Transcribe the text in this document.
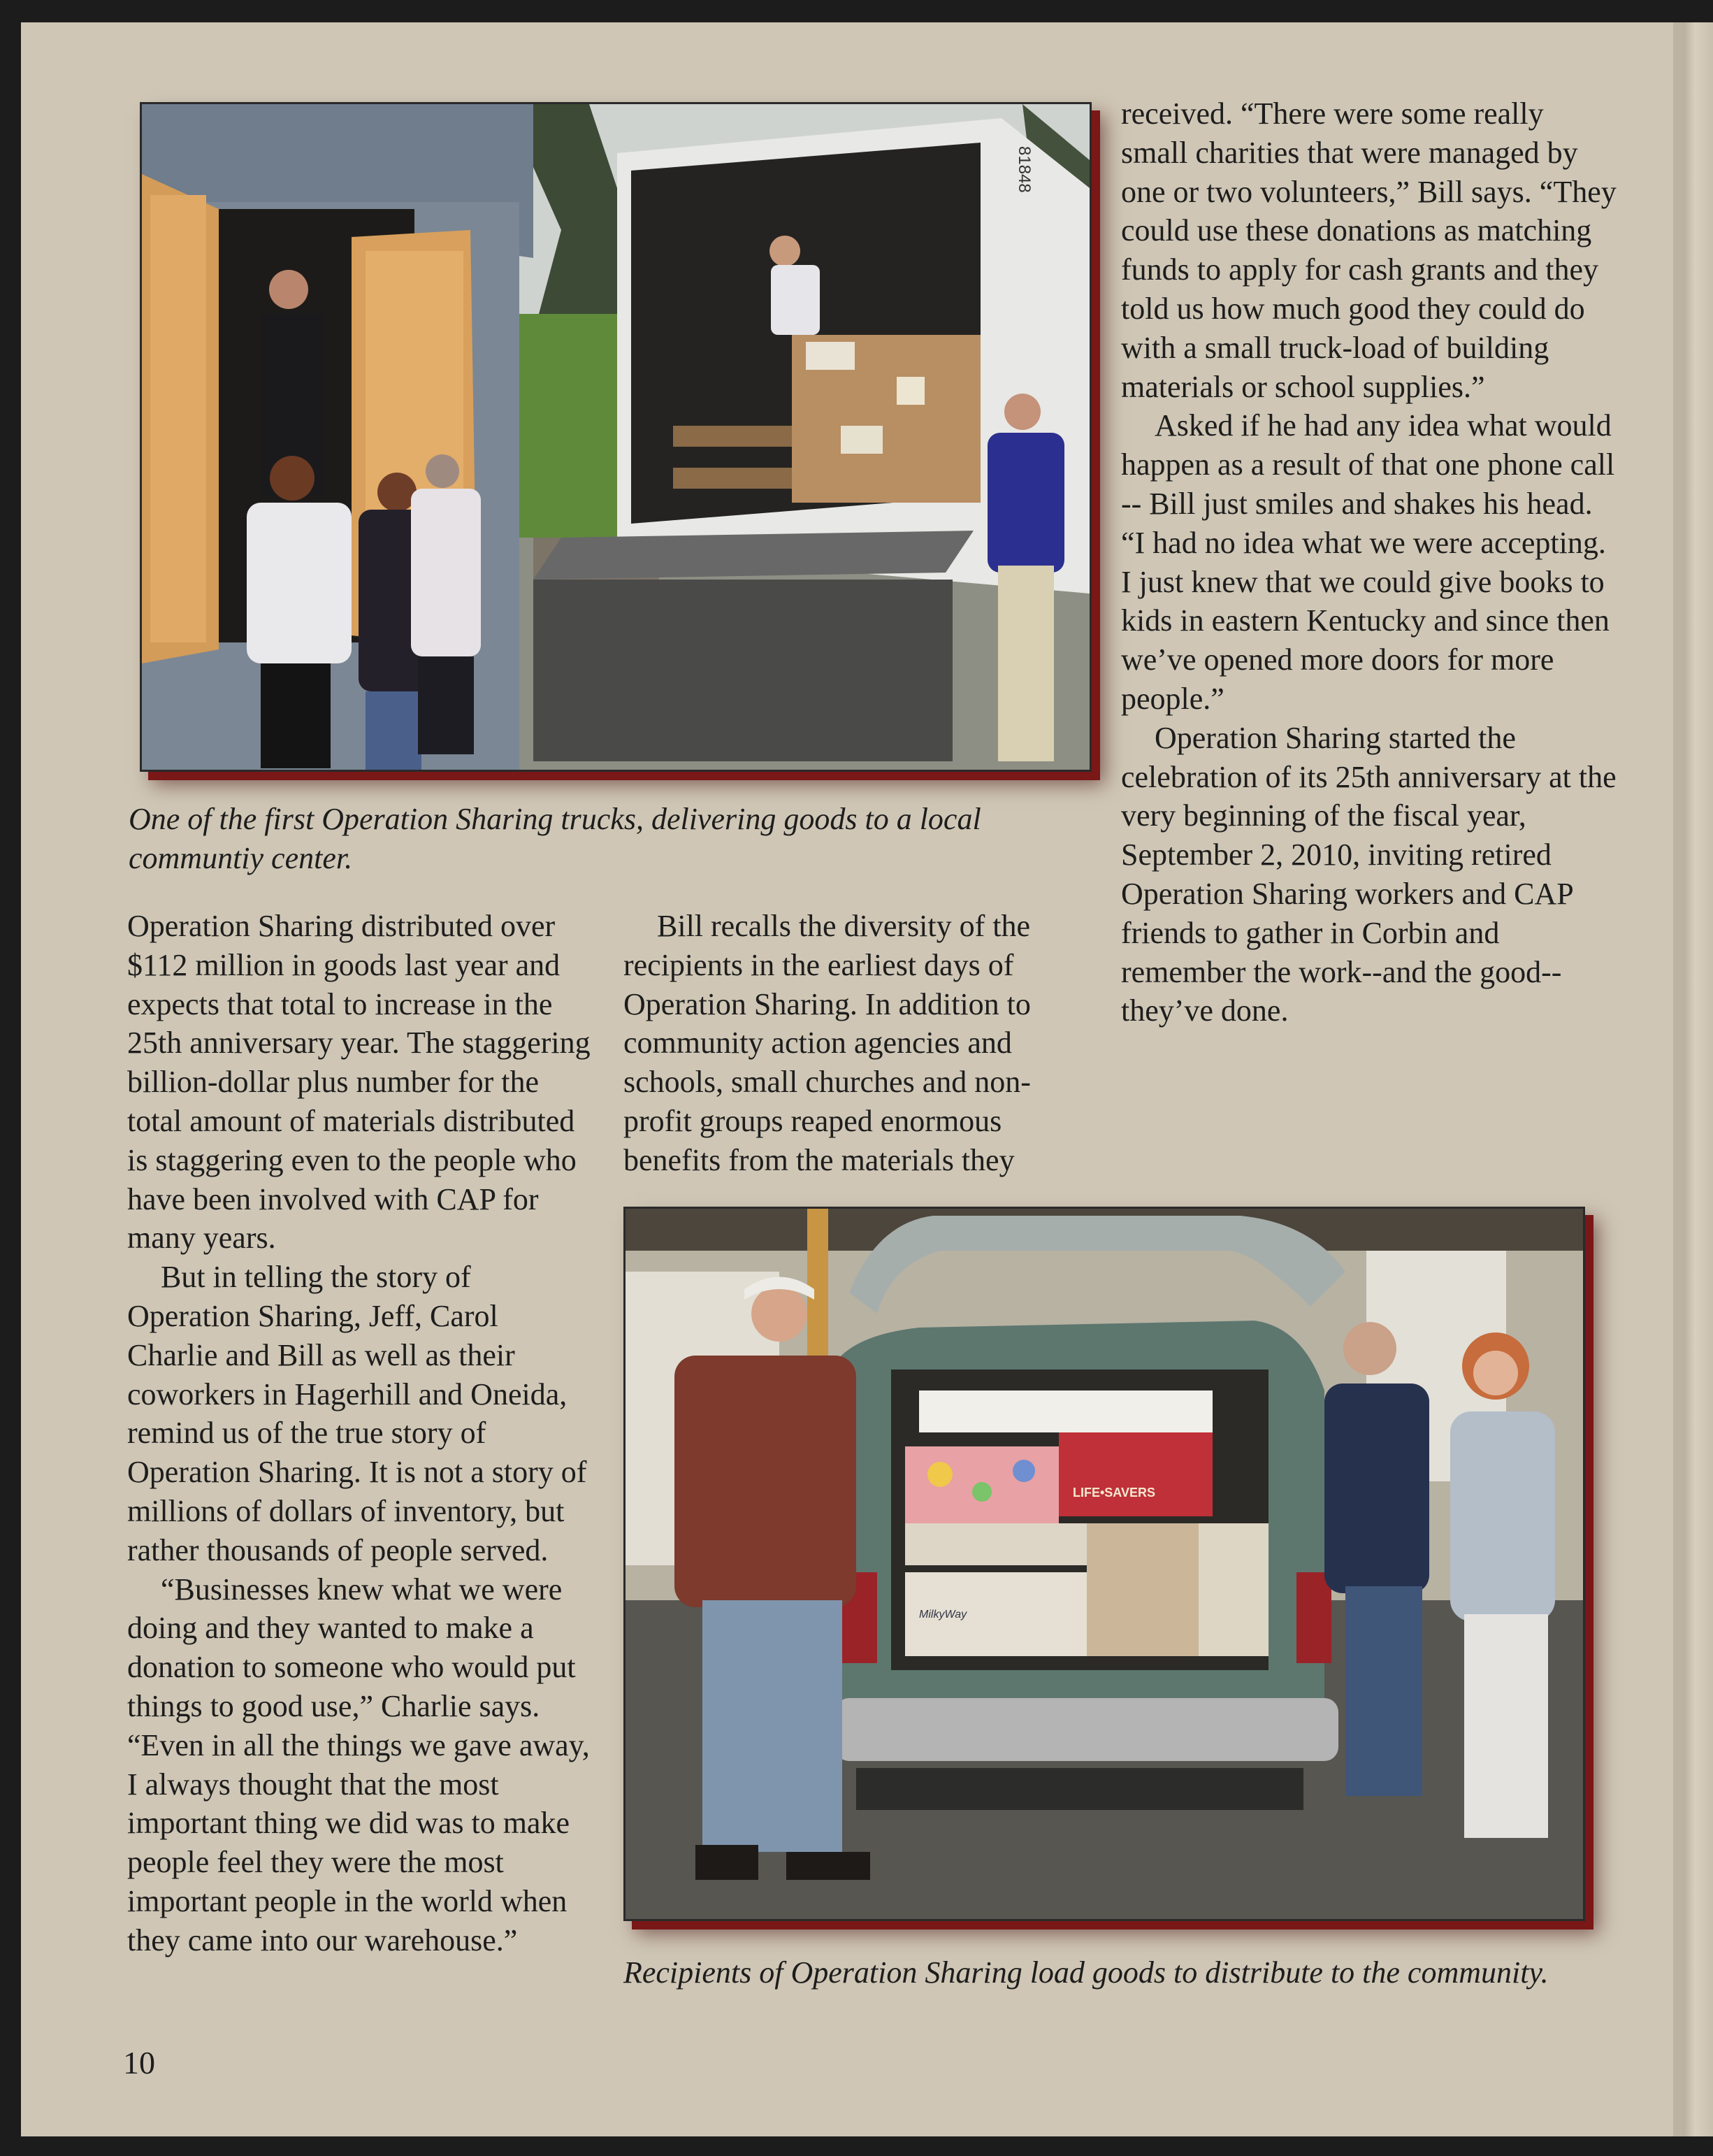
81848

One of the first Operation Sharing trucks, delivering goods to a local communtiy center.

LIFE•SAVERS
MilkyWay

Recipients of Operation Sharing load goods to distribute to the community.

Operation Sharing distributed over $112 million in goods last year and expects that total to increase in the 25th anniversary year. The staggering billion-dollar plus number for the total amount of materials distributed is staggering even to the people who have been involved with CAP for many years.

But in telling the story of Operation Sharing, Jeff, Carol Charlie and Bill as well as their coworkers in Hagerhill and Oneida, remind us of the true story of Operation Sharing. It is not a story of millions of dollars of inventory, but rather thousands of people served.

“Businesses knew what we were doing and they wanted to make a donation to someone who would put things to good use,” Charlie says. “Even in all the things we gave away, I always thought that the most important thing we did was to make people feel they were the most important people in the world when they came into our warehouse.”

Bill recalls the diversity of the recipients in the earliest days of Operation Sharing. In addition to community action agencies and schools, small churches and non-profit groups reaped enormous benefits from the materials they

received. “There were some really small charities that were managed by one or two volunteers,” Bill says. “They could use these donations as matching funds to apply for cash grants and they told us how much good they could do with a small truck-load of building materials or school supplies.”

Asked if he had any idea what would happen as a result of that one phone call -- Bill just smiles and shakes his head. “I had no idea what we were accepting. I just knew that we could give books to kids in eastern Kentucky and since then we’ve opened more doors for more people.”

Operation Sharing started the celebration of its 25th anniversary at the very beginning of the fiscal year, September 2, 2010, inviting retired Operation Sharing workers and CAP friends to gather in Corbin and remember the work--and the good--they’ve done.

10
